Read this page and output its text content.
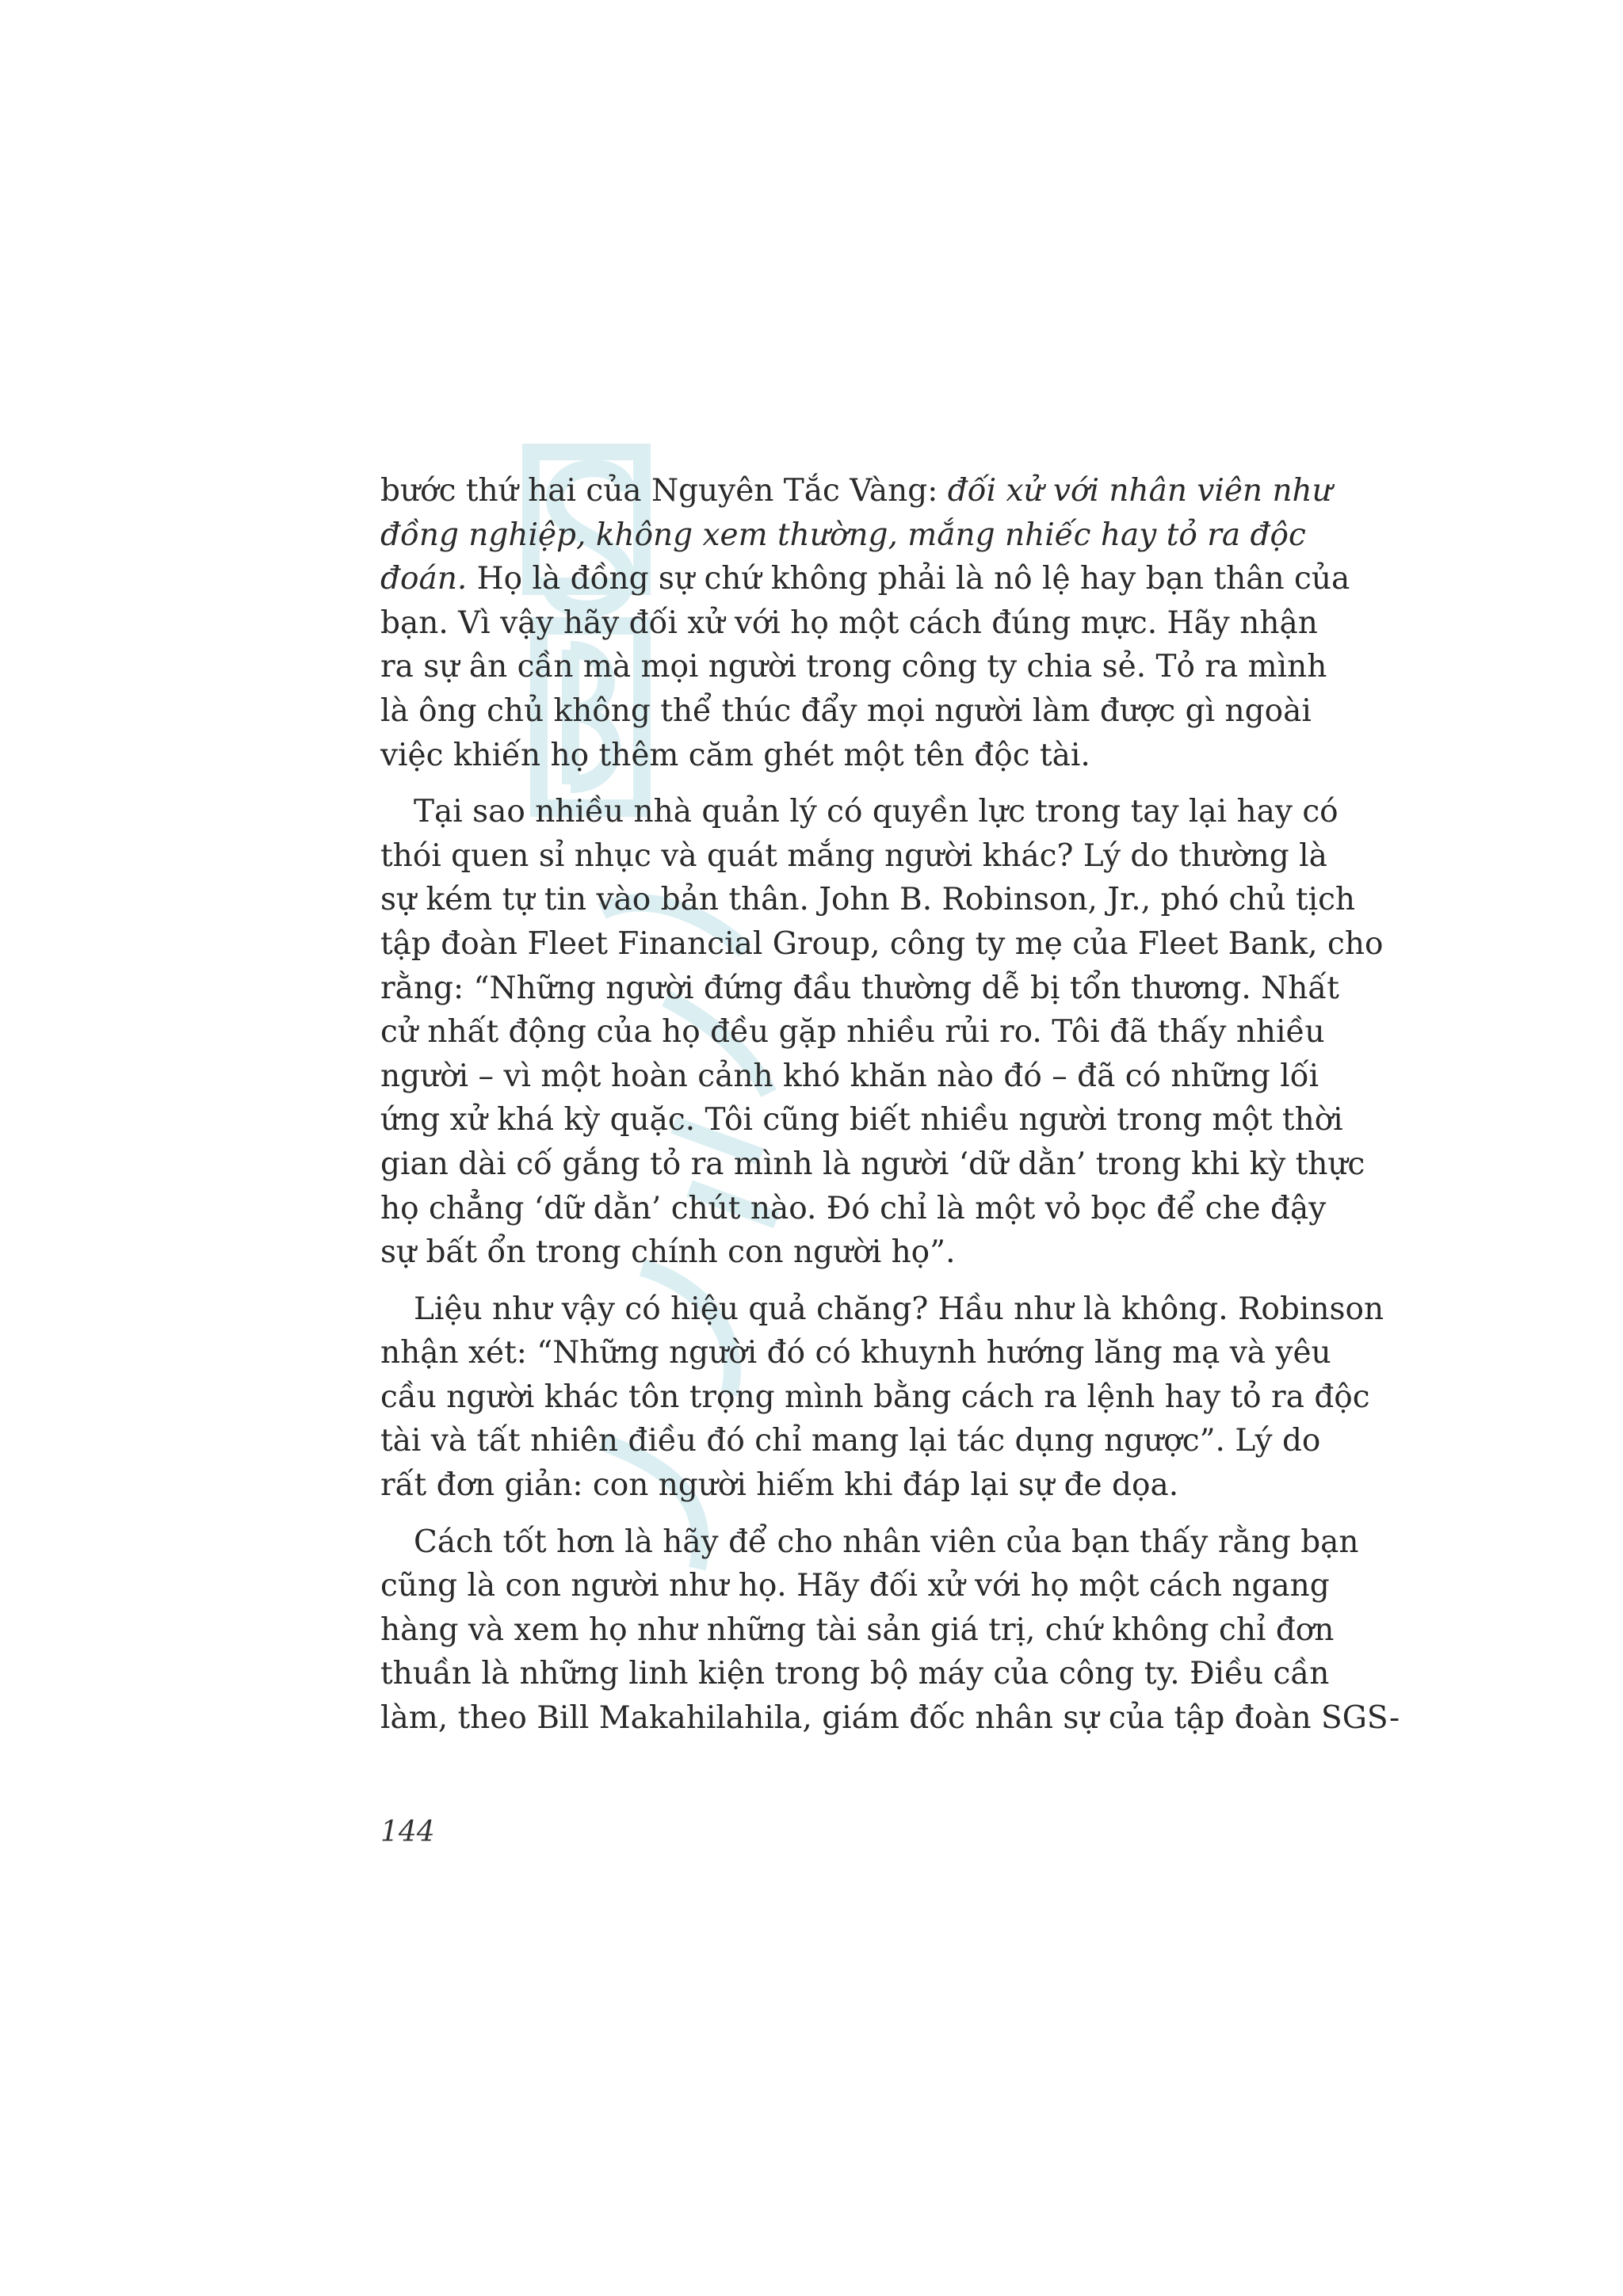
bước thứ hai của Nguyên Tắc Vàng: đối xử với nhân viên như
đồng nghiệp, không xem thường, mắng nhiếc hay tỏ ra độc
đoán. Họ là đồng sự chứ không phải là nô lệ hay bạn thân của
bạn. Vì vậy hãy đối xử với họ một cách đúng mực. Hãy nhận
ra sự ân cần mà mọi người trong công ty chia sẻ. Tỏ ra mình
là ông chủ không thể thúc đẩy mọi người làm được gì ngoài
việc khiến họ thêm căm ghét một tên độc tài.
Tại sao nhiều nhà quản lý có quyền lực trong tay lại hay có
thói quen sỉ nhục và quát mắng người khác? Lý do thường là
sự kém tự tin vào bản thân. John B. Robinson, Jr., phó chủ tịch
tập đoàn Fleet Financial Group, công ty mẹ của Fleet Bank, cho
rằng: “Những người đứng đầu thường dễ bị tổn thương. Nhất
cử nhất động của họ đều gặp nhiều rủi ro. Tôi đã thấy nhiều
người – vì một hoàn cảnh khó khăn nào đó – đã có những lối
ứng xử khá kỳ quặc. Tôi cũng biết nhiều người trong một thời
gian dài cố gắng tỏ ra mình là người ‘dữ dằn’ trong khi kỳ thực
họ chẳng ‘dữ dằn’ chút nào. Đó chỉ là một vỏ bọc để che đậy
sự bất ổn trong chính con người họ”.
Liệu như vậy có hiệu quả chăng? Hầu như là không. Robinson
nhận xét: “Những người đó có khuynh hướng lăng mạ và yêu
cầu người khác tôn trọng mình bằng cách ra lệnh hay tỏ ra độc
tài và tất nhiên điều đó chỉ mang lại tác dụng ngược”. Lý do
rất đơn giản: con người hiếm khi đáp lại sự đe dọa.
Cách tốt hơn là hãy để cho nhân viên của bạn thấy rằng bạn
cũng là con người như họ. Hãy đối xử với họ một cách ngang
hàng và xem họ như những tài sản giá trị, chứ không chỉ đơn
thuần là những linh kiện trong bộ máy của công ty. Điều cần
làm, theo Bill Makahilahila, giám đốc nhân sự của tập đoàn SGS-
144
